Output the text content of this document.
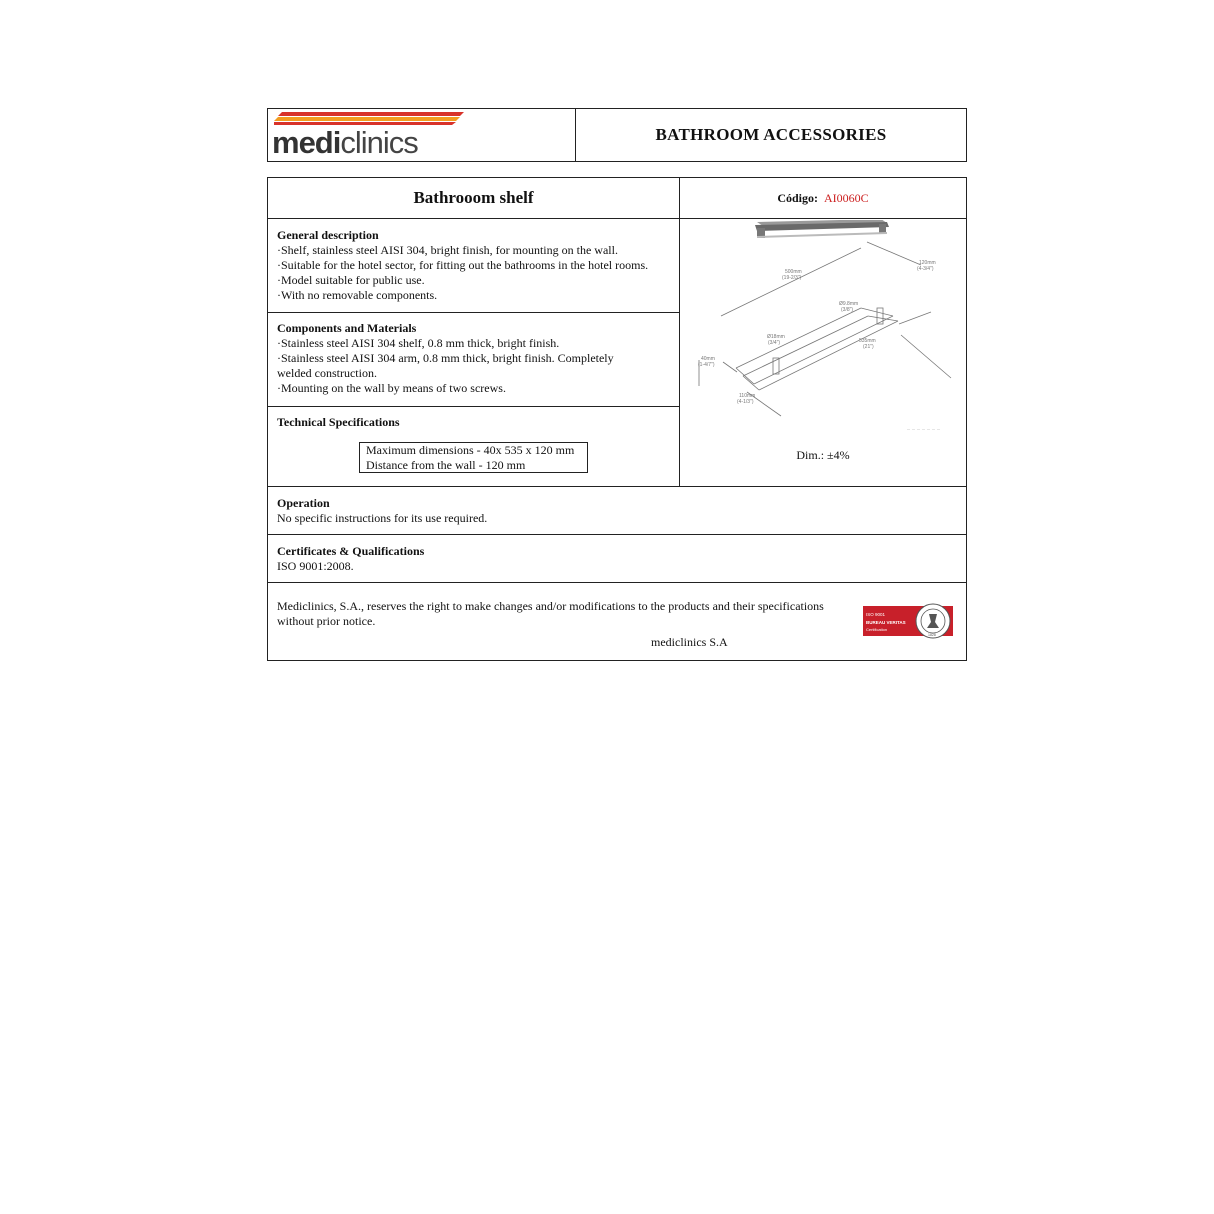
mediclinics	BATHROOM ACCESSORIES
Bathrooom shelf	Código: AI0060C
General description
·Shelf, stainless steel AISI 304, bright finish, for mounting on the wall.
·Suitable for the hotel sector, for fitting out the bathrooms in the hotel rooms.
·Model suitable for public use.
·With no removable components.
Components and Materials
·Stainless steel AISI 304 shelf, 0.8 mm thick, bright finish.
·Stainless steel AISI 304 arm, 0.8 mm thick, bright finish. Completely
welded construction.
·Mounting on the wall by means of two screws.
Technical Specifications
Maximum dimensions - 40x 535 x 120 mm
Distance from the wall - 120 mm
500mm
(19-2/3")
120mm
(4-3/4")
Ø9.8mm
(3/8")
Ø18mm
(3/4")	535mm
(21")
40mm
(1-4/7")
110mm
(4-1/3")
Dim.: ±4%
Operation
No specific instructions for its use required.
Certificates & Qualifications
ISO 9001:2008.
Mediclinics, S.A., reserves the right to make changes and/or modifications to the products and their specifications
without prior notice.
mediclinics S.A
ISO 9001
BUREAU VERITAS
Certification
1828
